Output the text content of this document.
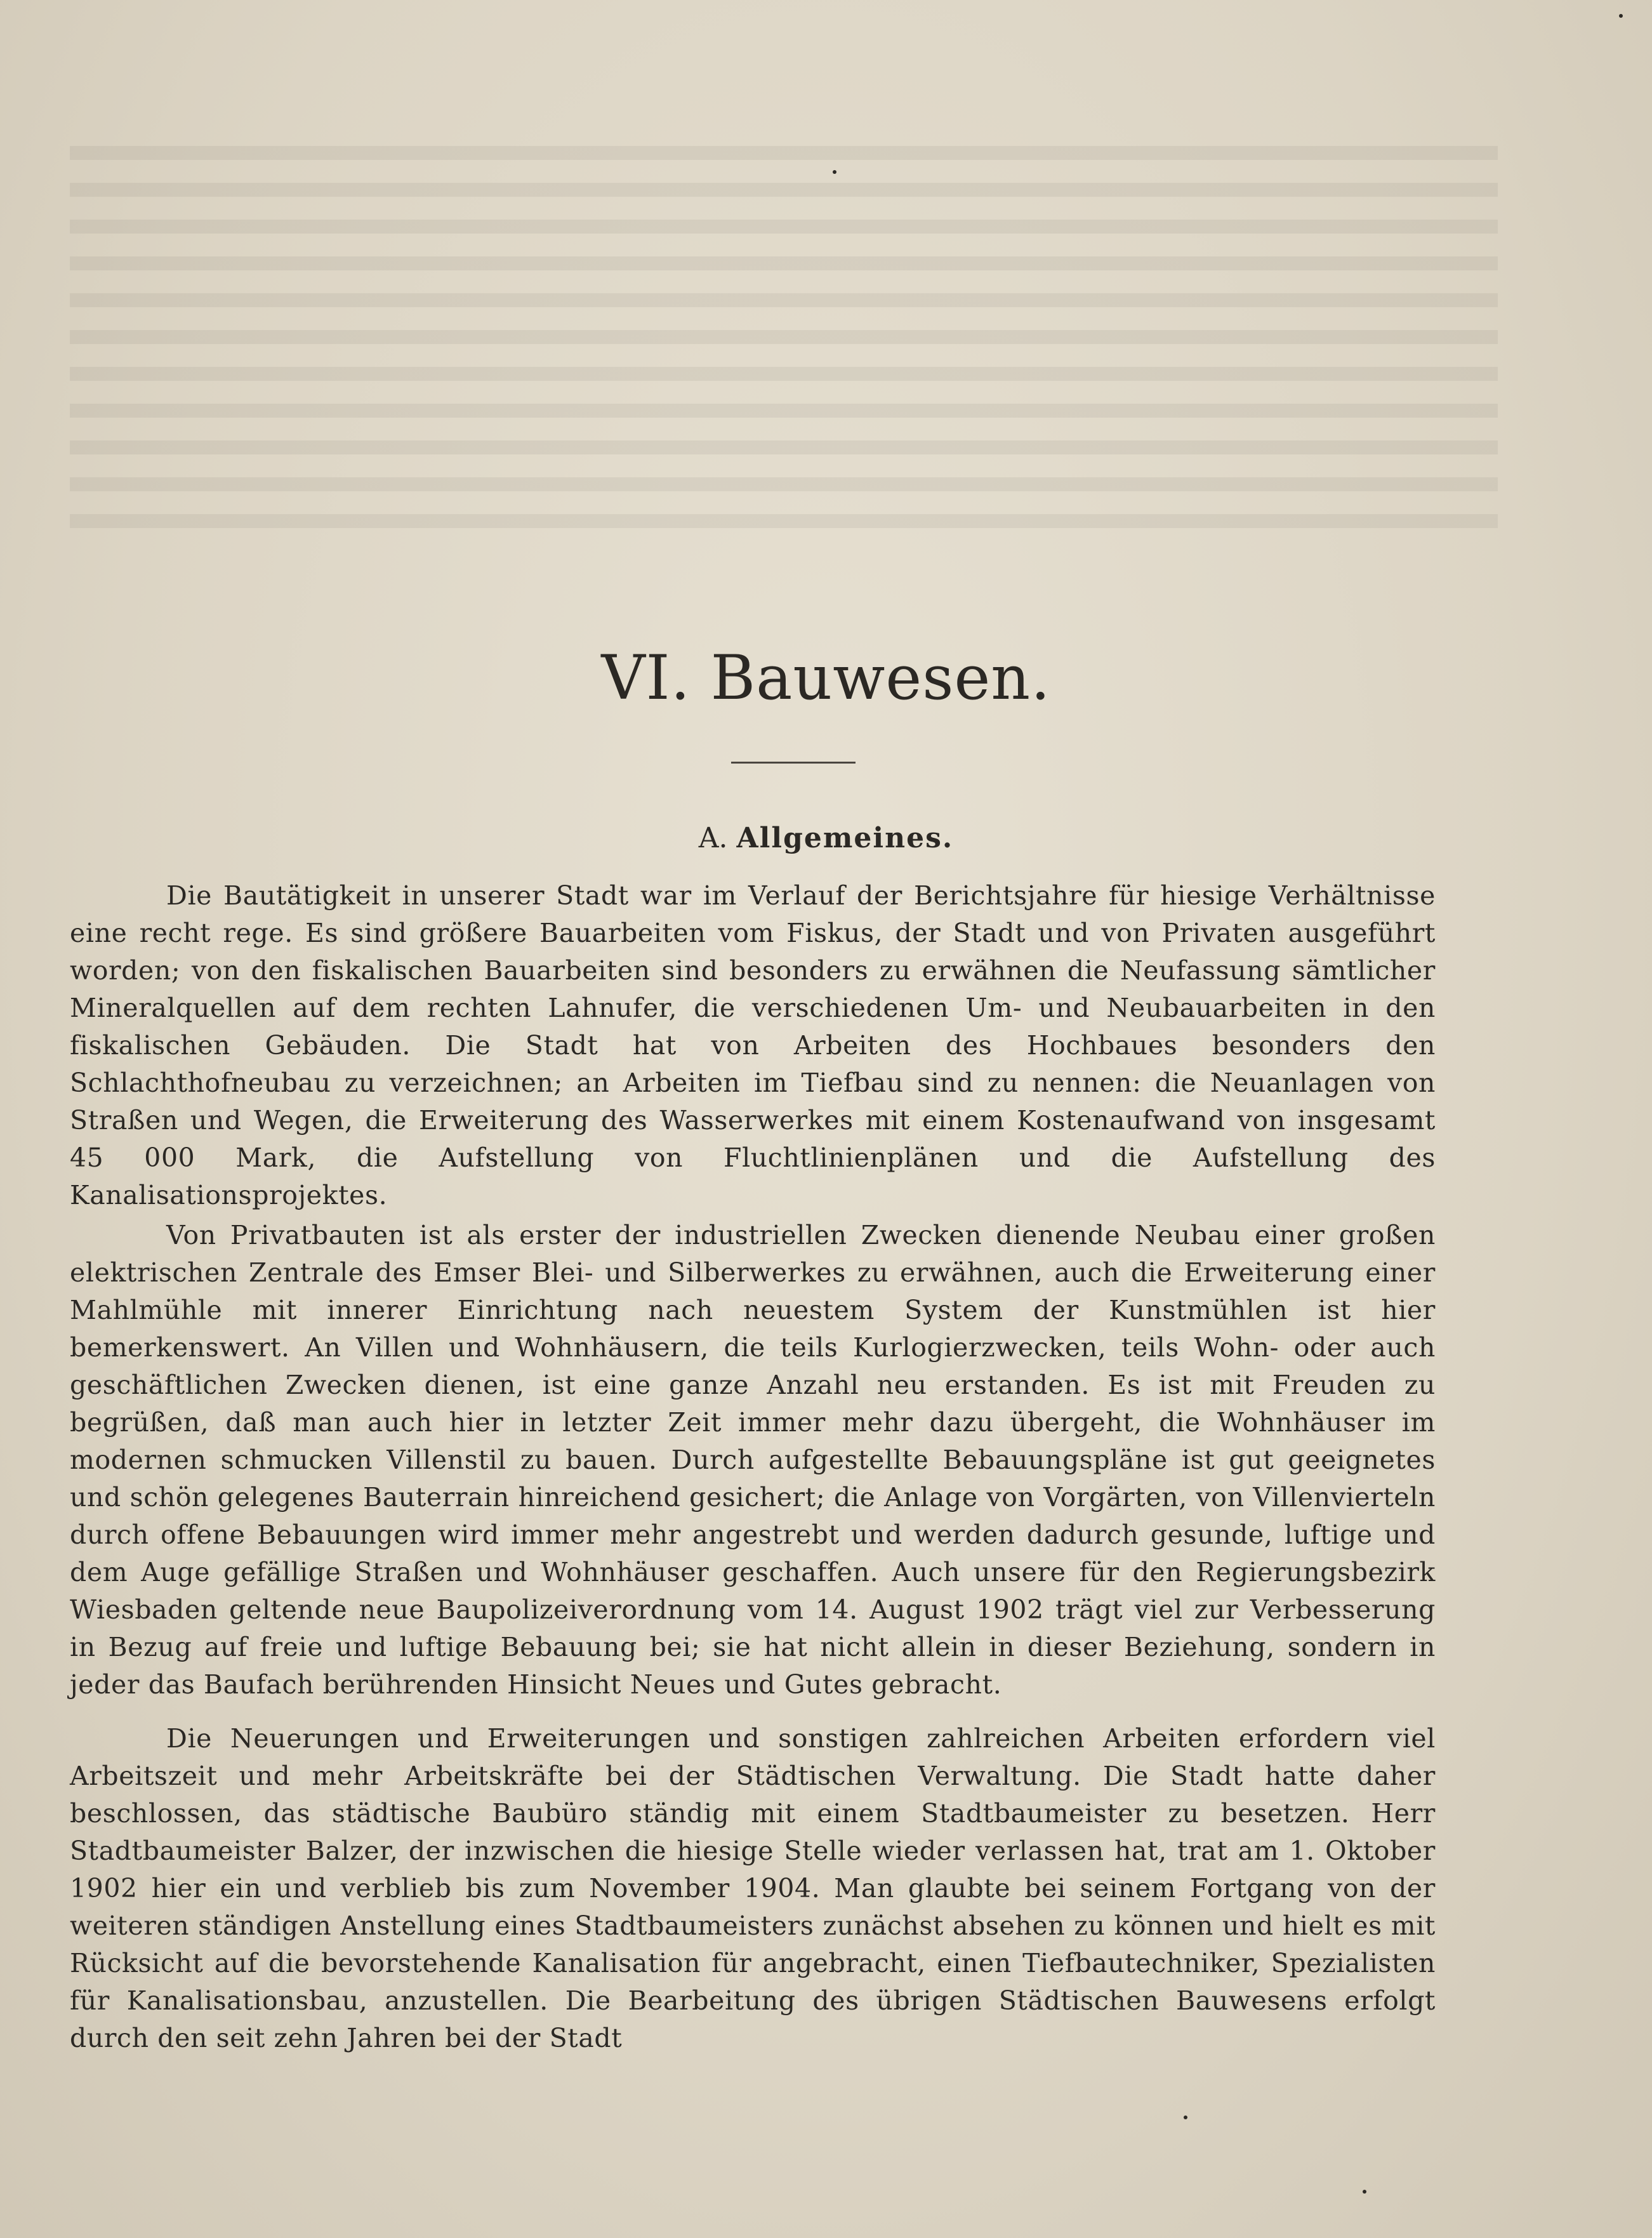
VI. Bauwesen.
A. Allgemeines.

Die Bautätigkeit in unserer Stadt war im Verlauf der Berichtsjahre für hiesige Verhältnisse eine recht rege. Es sind größere Bauarbeiten vom Fiskus, der Stadt und von Privaten ausgeführt worden; von den fiskalischen Bauarbeiten sind besonders zu erwähnen die Neufassung sämtlicher Mineralquellen auf dem rechten Lahnufer, die verschiedenen Um- und Neubauarbeiten in den fiskalischen Gebäuden. Die Stadt hat von Arbeiten des Hochbaues besonders den Schlachthofneubau zu verzeichnen; an Arbeiten im Tiefbau sind zu nennen: die Neuanlagen von Straßen und Wegen, die Erweiterung des Wasserwerkes mit einem Kostenaufwand von insgesamt 45 000 Mark, die Aufstellung von Fluchtlinienplänen und die Aufstellung des Kanalisationsprojektes.

Von Privatbauten ist als erster der industriellen Zwecken dienende Neubau einer großen elektrischen Zentrale des Emser Blei- und Silberwerkes zu erwähnen, auch die Erweiterung einer Mahlmühle mit innerer Einrichtung nach neuestem System der Kunstmühlen ist hier bemerkenswert. An Villen und Wohnhäusern, die teils Kurlogierzwecken, teils Wohn- oder auch geschäftlichen Zwecken dienen, ist eine ganze Anzahl neu erstanden. Es ist mit Freuden zu begrüßen, daß man auch hier in letzter Zeit immer mehr dazu übergeht, die Wohnhäuser im modernen schmucken Villenstil zu bauen. Durch aufgestellte Bebauungspläne ist gut geeignetes und schön gelegenes Bauterrain hinreichend gesichert; die Anlage von Vorgärten, von Villenvierteln durch offene Bebauungen wird immer mehr angestrebt und werden dadurch gesunde, luftige und dem Auge gefällige Straßen und Wohnhäuser geschaffen. Auch unsere für den Regierungsbezirk Wiesbaden geltende neue Baupolizeiverordnung vom 14. August 1902 trägt viel zur Verbesserung in Bezug auf freie und luftige Bebauung bei; sie hat nicht allein in dieser Beziehung, sondern in jeder das Baufach berührenden Hinsicht Neues und Gutes gebracht.

Die Neuerungen und Erweiterungen und sonstigen zahlreichen Arbeiten erfordern viel Arbeitszeit und mehr Arbeitskräfte bei der Städtischen Verwaltung. Die Stadt hatte daher beschlossen, das städtische Baubüro ständig mit einem Stadtbaumeister zu besetzen. Herr Stadtbaumeister Balzer, der inzwischen die hiesige Stelle wieder verlassen hat, trat am 1. Oktober 1902 hier ein und verblieb bis zum November 1904. Man glaubte bei seinem Fortgang von der weiteren ständigen Anstellung eines Stadtbaumeisters zunächst absehen zu können und hielt es mit Rücksicht auf die bevorstehende Kanalisation für angebracht, einen Tiefbautechniker, Spezialisten für Kanalisationsbau, anzustellen. Die Bearbeitung des übrigen Städtischen Bauwesens erfolgt durch den seit zehn Jahren bei der Stadt
